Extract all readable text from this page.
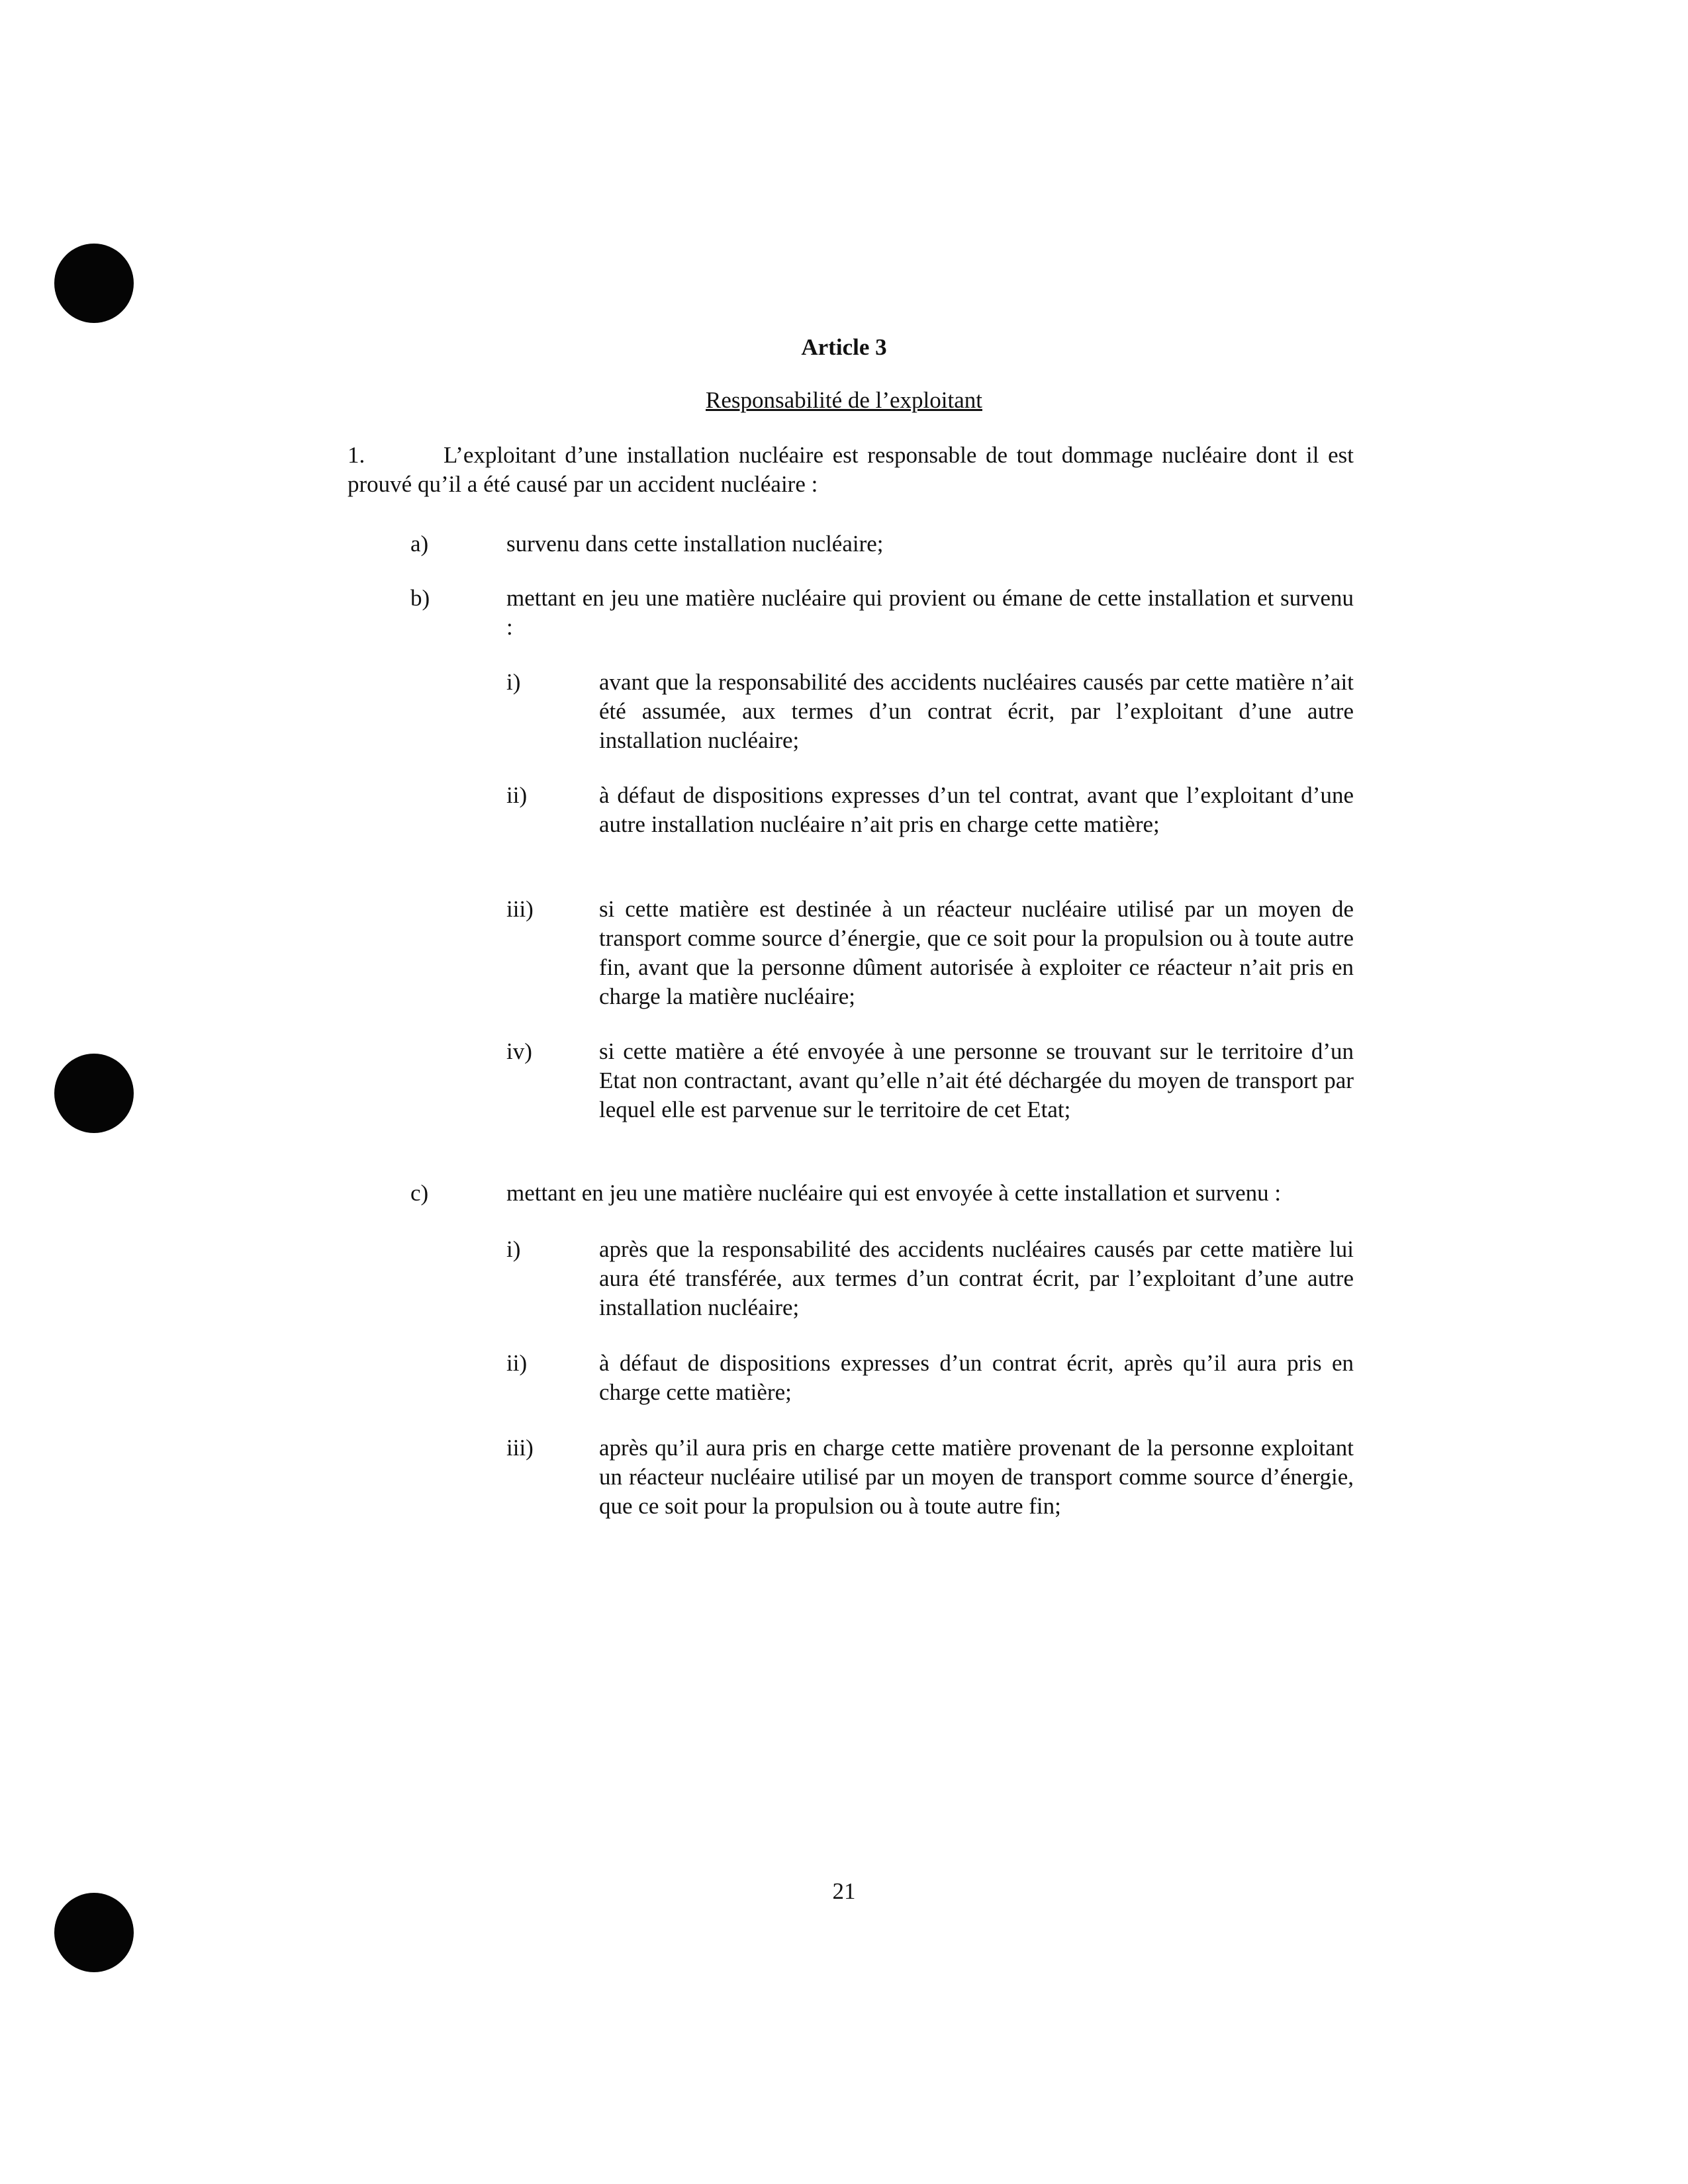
Article 3
Responsabilité de l’exploitant
1.	L’exploitant d’une installation nucléaire est responsable de tout dommage nucléaire dont il est prouvé qu’il a été causé par un accident nucléaire :
a)	survenu dans cette installation nucléaire;
b)	mettant en jeu une matière nucléaire qui provient ou émane de cette installation et survenu :
i)	avant que la responsabilité des accidents nucléaires causés par cette matière n’ait été assumée, aux termes d’un contrat écrit, par l’exploitant d’une autre installation nucléaire;
ii)	à défaut de dispositions expresses d’un tel contrat, avant que l’exploitant d’une autre installation nucléaire n’ait pris en charge cette matière;
iii)	si cette matière est destinée à un réacteur nucléaire utilisé par un moyen de transport comme source d’énergie, que ce soit pour la propulsion ou à toute autre fin, avant que la personne dûment autorisée à exploiter ce réacteur n’ait pris en charge la matière nucléaire;
iv)	si cette matière a été envoyée à une personne se trouvant sur le territoire d’un Etat non contractant, avant qu’elle n’ait été déchargée du moyen de transport par lequel elle est parvenue sur le territoire de cet Etat;
c)	mettant en jeu une matière nucléaire qui est envoyée à cette installation et survenu :
i)	après que la responsabilité des accidents nucléaires causés par cette matière lui aura été transférée, aux termes d’un contrat écrit, par l’exploitant d’une autre installation nucléaire;
ii)	à défaut de dispositions expresses d’un contrat écrit, après qu’il aura pris en charge cette matière;
iii)	après qu’il aura pris en charge cette matière provenant de la personne exploitant un réacteur nucléaire utilisé par un moyen de transport comme source d’énergie, que ce soit pour la propulsion ou à toute autre fin;
21
